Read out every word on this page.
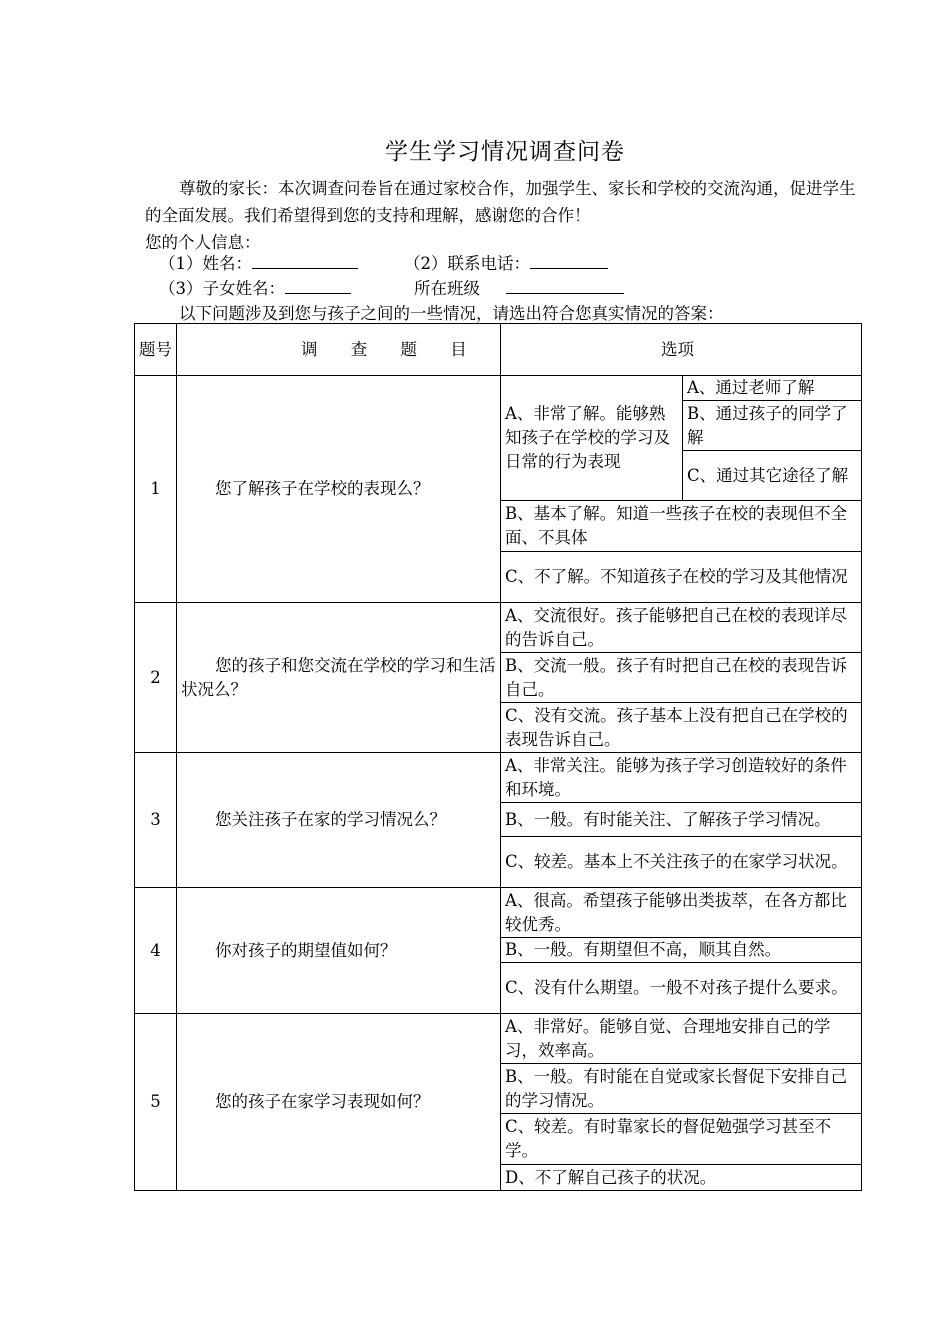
学生学习情况调查问卷

尊敬的家长：本次调查问卷旨在通过家校合作，加强学生、家长和学校的交流沟通，促进学生的全面发展。我们希望得到您的支持和理解，感谢您的合作！

您的个人信息：

（1）姓名：	（2）联系电话：
（3）子女姓名：	所在班级
以下问题涉及到您与孩子之间的一些情况，请选出符合您真实情况的答案：
题号	调 查 题 目	选项	
1	您了解孩子在学校的表现么？	A、非常了解。能够熟知孩子在学校的学习及日常的行为表现	A、通过老师了解
			B、通过孩子的同学了解
			C、通过其它途径了解
		B、基本了解。知道一些孩子在校的表现但不全面、不具体	
		C、不了解。不知道孩子在校的学习及其他情况	
2	您的孩子和您交流在学校的学习和生活状况么？	A、交流很好。孩子能够把自己在校的表现详尽的告诉自己。	
		B、交流一般。孩子有时把自己在校的表现告诉自己。	
		C、没有交流。孩子基本上没有把自己在学校的表现告诉自己。	
3	您关注孩子在家的学习情况么？	A、非常关注。能够为孩子学习创造较好的条件和环境。	
		B、一般。有时能关注、了解孩子学习情况。	
		C、较差。基本上不关注孩子的在家学习状况。	
4	你对孩子的期望值如何？	A、很高。希望孩子能够出类拔萃，在各方都比较优秀。	
		B、一般。有期望但不高，顺其自然。	
		C、没有什么期望。一般不对孩子提什么要求。	
5	您的孩子在家学习表现如何？	A、非常好。能够自觉、合理地安排自己的学习，效率高。	
		B、一般。有时能在自觉或家长督促下安排自己的学习情况。	
		C、较差。有时靠家长的督促勉强学习甚至不学。	
		D、不了解自己孩子的状况。	
